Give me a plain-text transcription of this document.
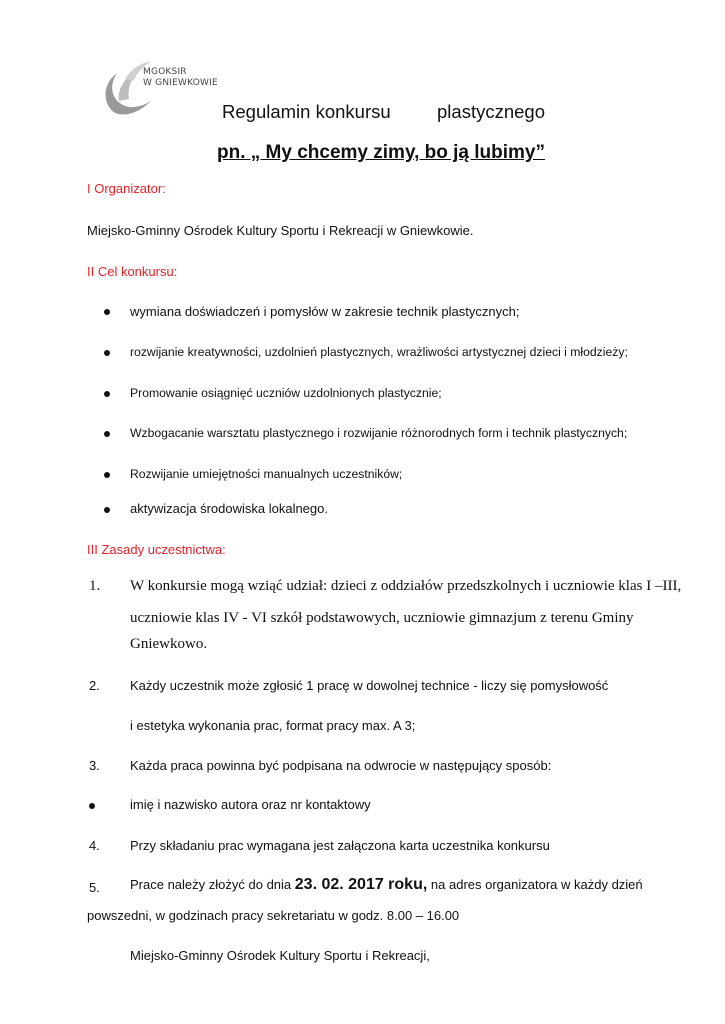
MGOKSIR
W GNIEWKOWIE
Regulamin konkursu	plastycznego
pn. „ My chcemy zimy, bo ją lubimy”
I Organizator:
Miejsko-Gminny Ośrodek Kultury Sportu i Rekreacji w Gniewkowie.
II Cel konkursu:
wymiana doświadczeń i pomysłów w zakresie technik plastycznych;
rozwijanie kreatywności, uzdolnień plastycznych, wrażliwości artystycznej dzieci i młodzieży;
Promowanie osiągnięć uczniów uzdolnionych plastycznie;
Wzbogacanie warsztatu plastycznego i rozwijanie różnorodnych form i technik plastycznych;
Rozwijanie umiejętności manualnych uczestników;
aktywizacja środowiska lokalnego.
III Zasady uczestnictwa:
1. W konkursie mogą wziąć udział: dzieci z oddziałów przedszkolnych i uczniowie klas I –III,
uczniowie klas IV - VI szkół podstawowych, uczniowie gimnazjum z terenu Gminy
Gniewkowo.
2. Każdy uczestnik może zgłosić 1 pracę w dowolnej technice - liczy się pomysłowość
i estetyka wykonania prac, format pracy max. A 3;
3. Każda praca powinna być podpisana na odwrocie w następujący sposób:
imię i nazwisko autora oraz nr kontaktowy
4. Przy składaniu prac wymagana jest załączona karta uczestnika konkursu
5. Prace należy złożyć do dnia 23. 02. 2017 roku, na adres organizatora w każdy dzień
powszedni, w godzinach pracy sekretariatu w godz. 8.00 – 16.00
Miejsko-Gminny Ośrodek Kultury Sportu i Rekreacji,
